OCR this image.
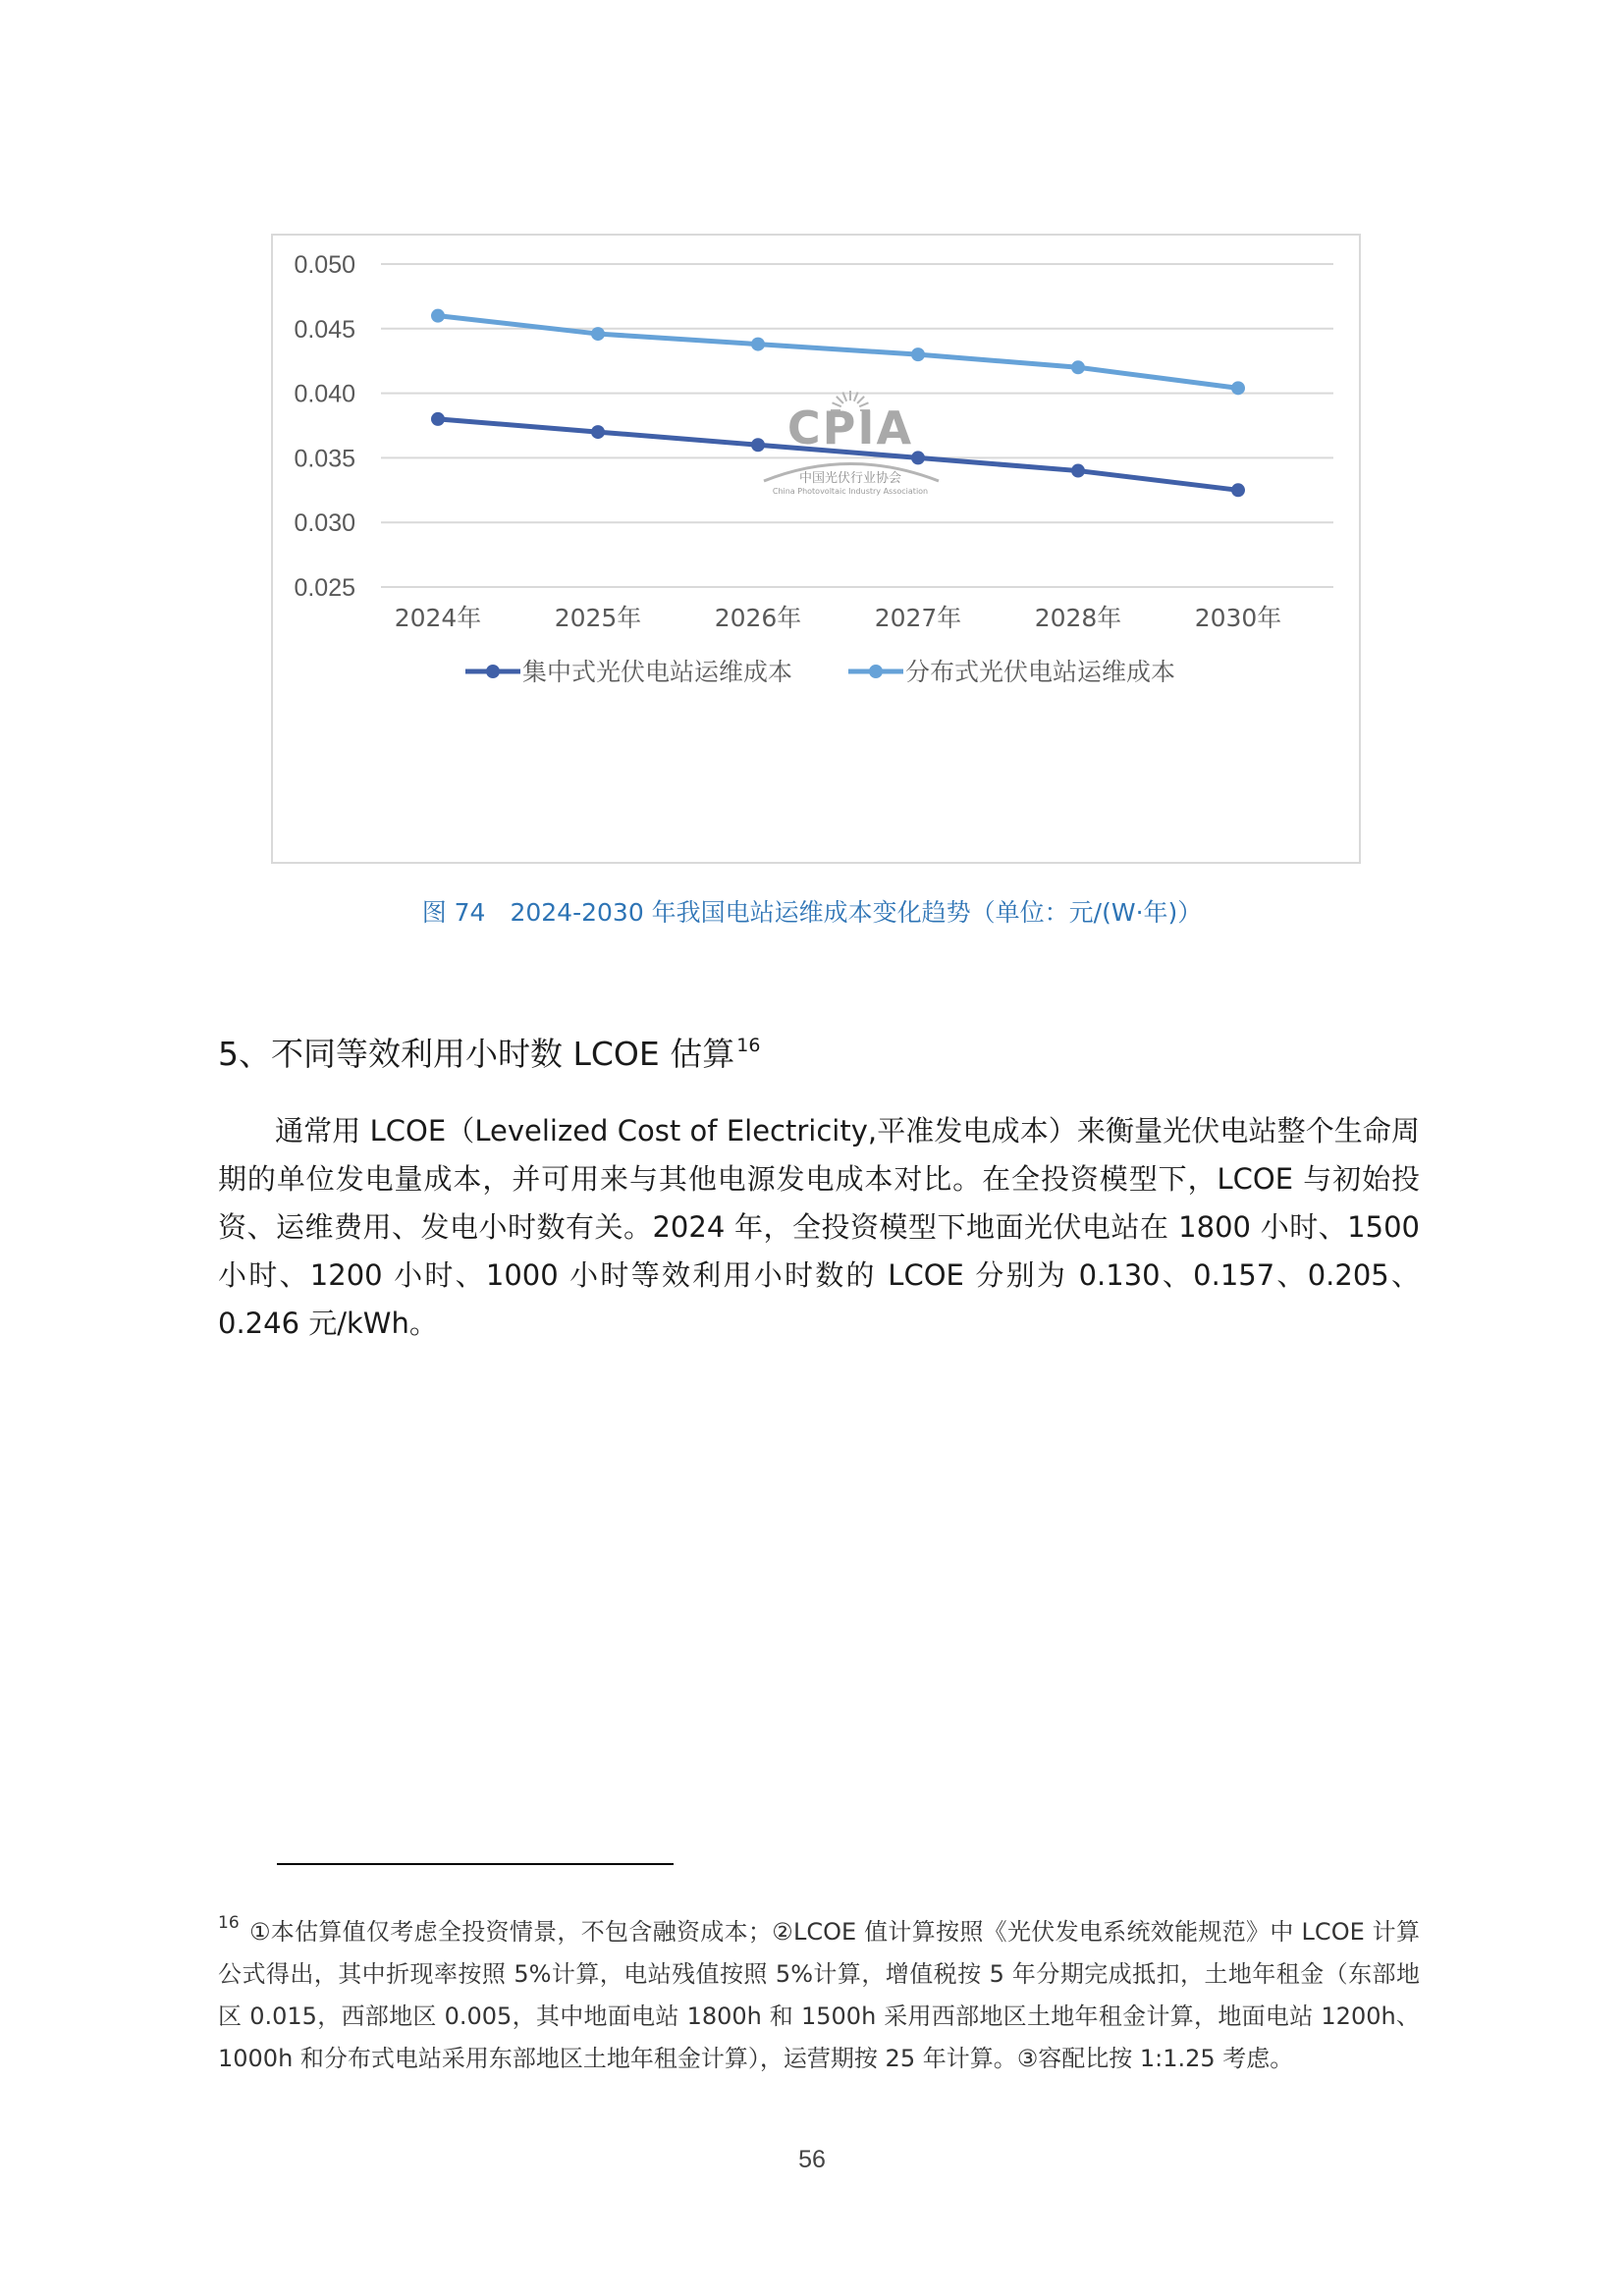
0.050
0.045
0.040
0.035
0.030
0.025
2024年	2025年	2026年	2027年	2028年	2030年
CPIA
中国光伏行业协会
China Photovoltaic Industry Association
集中式光伏电站运维成本	分布式光伏电站运维成本
图 74　2024-2030 年我国电站运维成本变化趋势（单位：元/(W·年)）
5、不同等效利用小时数 LCOE 估算 $^{16}$

通常用 LCOE（Levelized Cost of Electricity,平准发电成本）来衡量光伏电站整个生命周期的单位发电量成本，并可用来与其他电源发电成本对比。在全投资模型下，LCOE 与初始投资、运维费用、发电小时数有关。2024 年，全投资模型下地面光伏电站在 1800 小时、1500 小时、1200 小时、1000 小时等效利用小时数的 LCOE 分别为 0.130、0.157、0.205、0.246 元/kWh。

$^{16}$ ①本估算值仅考虑全投资情景，不包含融资成本；②LCOE 值计算按照《光伏发电系统效能规范》中 LCOE 计算公式得出，其中折现率按照 5%计算，电站残值按照 5%计算，增值税按 5 年分期完成抵扣，土地年租金（东部地区 0.015，西部地区 0.005，其中地面电站 1800h 和 1500h 采用西部地区土地年租金计算，地面电站 1200h、1000h 和分布式电站采用东部地区土地年租金计算），运营期按 25 年计算。③容配比按 1:1.25 考虑。

56
